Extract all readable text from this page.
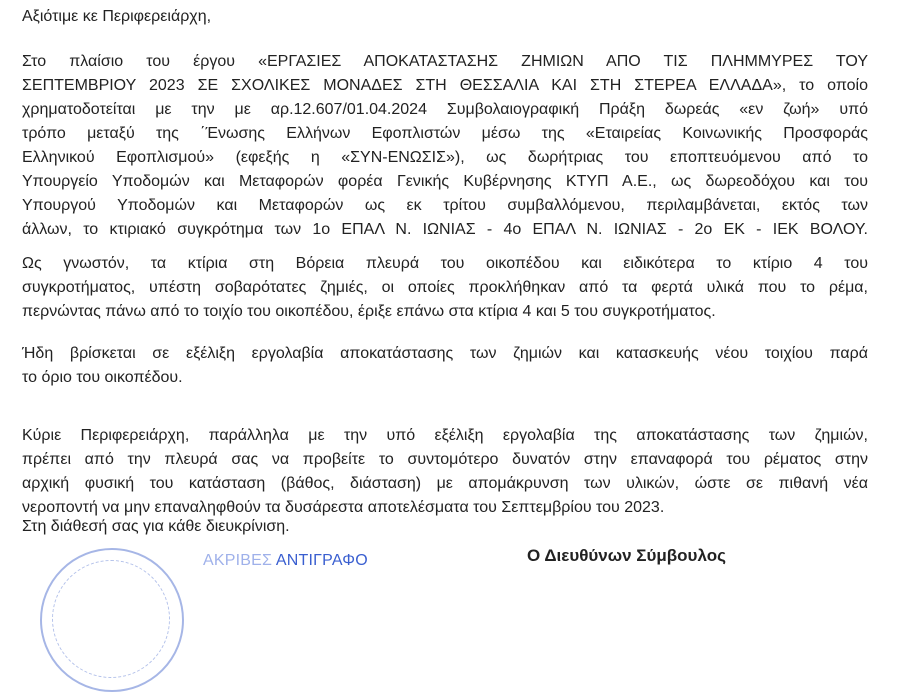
Αξιότιμε κε Περιφερειάρχη,
Στο πλαίσιο του έργου «ΕΡΓΑΣΙΕΣ ΑΠΟΚΑΤΑΣΤΑΣΗΣ ΖΗΜΙΩΝ ΑΠΟ ΤΙΣ ΠΛΗΜΜΥΡΕΣ ΤΟΥ
ΣΕΠΤΕΜΒΡΙΟΥ 2023 ΣΕ ΣΧΟΛΙΚΕΣ ΜΟΝΑΔΕΣ ΣΤΗ ΘΕΣΣΑΛΙΑ ΚΑΙ ΣΤΗ ΣΤΕΡΕΑ ΕΛΛΑΔΑ», το οποίο
χρηματοδοτείται με την με αρ.12.607/01.04.2024 Συμβολαιογραφική Πράξη δωρεάς «εν ζωή» υπό
τρόπο μεταξύ της ΄Ένωσης Ελλήνων Εφοπλιστών μέσω της «Εταιρείας Κοινωνικής Προσφοράς
Ελληνικού Εφοπλισμού» (εφεξής η «ΣΥΝ-ΕΝΩΣΙΣ»), ως δωρήτριας του εποπτευόμενου από το
Υπουργείο Υποδομών και Μεταφορών φορέα Γενικής Κυβέρνησης ΚΤΥΠ Α.Ε., ως δωρεοδόχου και του
Υπουργού Υποδομών και Μεταφορών ως εκ τρίτου συμβαλλόμενου, περιλαμβάνεται, εκτός των
άλλων, το κτιριακό συγκρότημα των 1ο ΕΠΑΛ Ν. ΙΩΝΙΑΣ - 4ο ΕΠΑΛ Ν. ΙΩΝΙΑΣ - 2ο ΕΚ - ΙΕΚ ΒΟΛΟΥ.
Ως γνωστόν, τα κτίρια στη Βόρεια πλευρά του οικοπέδου και ειδικότερα το κτίριο 4 του
συγκροτήματος, υπέστη σοβαρότατες ζημιές, οι οποίες προκλήθηκαν από τα φερτά υλικά που το ρέμα,
περνώντας πάνω από το τοιχίο του οικοπέδου, έριξε επάνω στα κτίρια 4 και 5 του συγκροτήματος.
Ήδη βρίσκεται σε εξέλιξη εργολαβία αποκατάστασης των ζημιών και κατασκευής νέου τοιχίου παρά
το όριο του οικοπέδου.
Κύριε Περιφερειάρχη, παράλληλα με την υπό εξέλιξη εργολαβία της αποκατάστασης των ζημιών,
πρέπει από την πλευρά σας να προβείτε το συντομότερο δυνατόν στην επαναφορά του ρέματος στην
αρχική φυσική του κατάσταση (βάθος, διάσταση) με απομάκρυνση των υλικών, ώστε σε πιθανή νέα
νεροποντή να μην επαναληφθούν τα δυσάρεστα αποτελέσματα του Σεπτεμβρίου του 2023.
Στη διάθεσή σας για κάθε διευκρίνιση.
ΑΚΡΙΒΕΣ ΑΝΤΙΓΡΑΦΟ	Ο Διευθύνων Σύμβουλος
